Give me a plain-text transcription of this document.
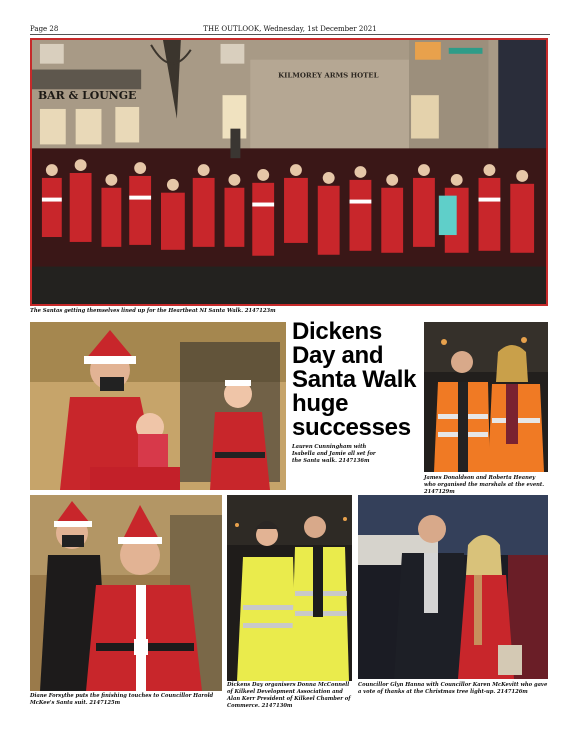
Page 28	THE OUTLOOK, Wednesday, 1st December 2021
BAR & LOUNGE
KILMOREY ARMS HOTEL
The Santas getting themselves lined up for the Heartbeat NI Santa Walk. 2147123m
Dickens Day and Santa Walk huge successes
Lauren Cunningham with Isabella and Jamie all set for the Santa walk. 2147136m
James Donaldson and Roberta Heaney who organised the marshals at the event. 2147129m
Diane Forsythe puts the finishing touches to Councillor Harold McKee's Santa suit. 2147125m
Dickens Day organisers Donna McConnell of Kilkeel Development Association and Alan Kerr President of Kilkeel Chamber of Commerce. 2147130m
Councillor Glyn Hanna with Councillor Karen McKevitt who gave a vote of thanks at the Christmas tree light-up. 2147126m
